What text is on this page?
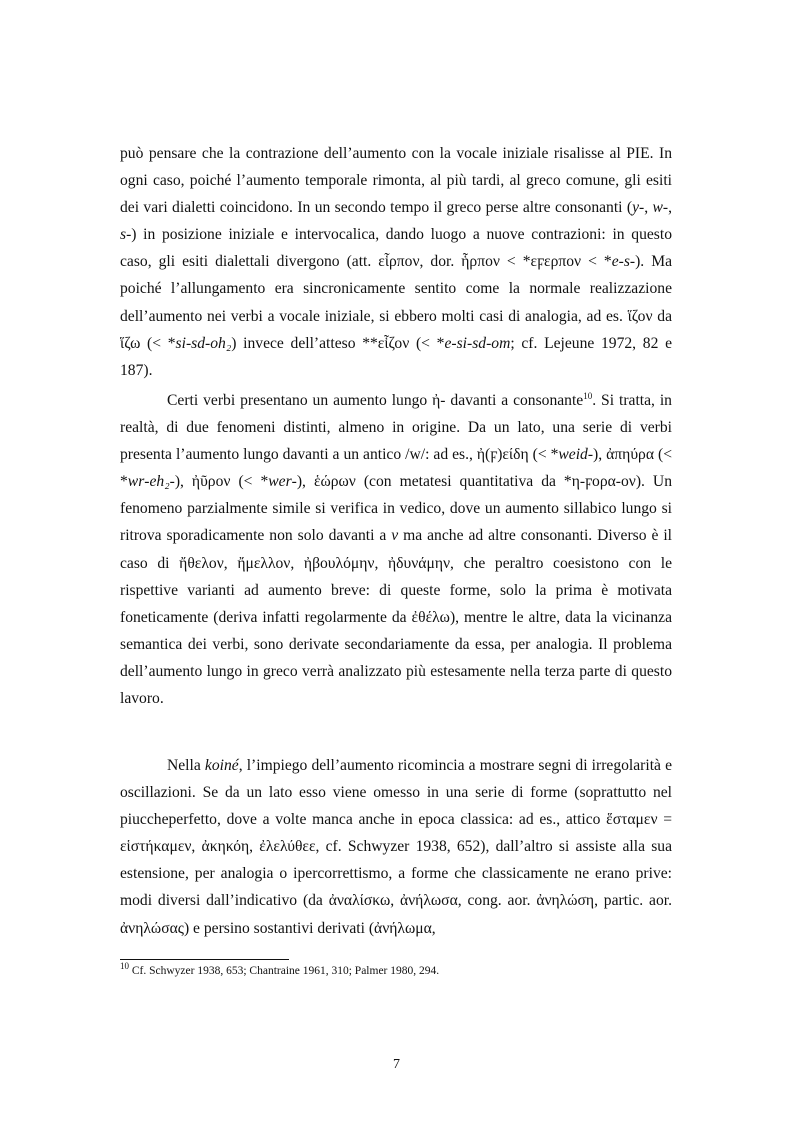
può pensare che la contrazione dell’aumento con la vocale iniziale risalisse al PIE. In ogni caso, poiché l’aumento temporale rimonta, al più tardi, al greco comune, gli esiti dei vari dialetti coincidono. In un secondo tempo il greco perse altre consonanti (y-, w-, s-) in posizione iniziale e intervocalica, dando luogo a nuove contrazioni: in questo caso, gli esiti dialettali divergono (att. εἷρπον, dor. ἧρπον < *εϝερπον < *e-s-). Ma poiché l’allungamento era sincronicamente sentito come la normale realizzazione dell’aumento nei verbi a vocale iniziale, si ebbero molti casi di analogia, ad es. ἵζον da ἵζω (< *si-sd-oh₂) invece dell’atteso **εἷζον (< *e-si-sd-om; cf. Lejeune 1972, 82 e 187).

Certi verbi presentano un aumento lungo ἠ- davanti a consonante$^{10}$. Si tratta, in realtà, di due fenomeni distinti, almeno in origine. Da un lato, una serie di verbi presenta l’aumento lungo davanti a un antico /w/: ad es., ἠ(ϝ)είδη (< *weid-), ἀπηύρα (< *wr-eh₂-), ἠῦρον (< *wer-), ἑώρων (con metatesi quantitativa da *η-ϝορα-ον). Un fenomeno parzialmente simile si verifica in vedico, dove un aumento sillabico lungo si ritrova sporadicamente non solo davanti a v ma anche ad altre consonanti. Diverso è il caso di ἤθελον, ἤμελλον, ἠβουλόμην, ἠδυνάμην, che peraltro coesistono con le rispettive varianti ad aumento breve: di queste forme, solo la prima è motivata foneticamente (deriva infatti regolarmente da ἐθέλω), mentre le altre, data la vicinanza semantica dei verbi, sono derivate secondariamente da essa, per analogia. Il problema dell’aumento lungo in greco verrà analizzato più estesamente nella terza parte di questo lavoro.

Nella koiné, l’impiego dell’aumento ricomincia a mostrare segni di irregolarità e oscillazioni. Se da un lato esso viene omesso in una serie di forme (soprattutto nel piuccheperfetto, dove a volte manca anche in epoca classica: ad es., attico ἕσταμεν = εἱστήκαμεν, ἀκηκόη, ἐλελύθεε, cf. Schwyzer 1938, 652), dall’altro si assiste alla sua estensione, per analogia o ipercorrettismo, a forme che classicamente ne erano prive: modi diversi dall’indicativo (da ἀναλίσκω, ἀνήλωσα, cong. aor. ἀνηλώση, partic. aor. ἀνηλώσας) e persino sostantivi derivati (ἀνήλωμα,

$^{10}$ Cf. Schwyzer 1938, 653; Chantraine 1961, 310; Palmer 1980, 294.
7
